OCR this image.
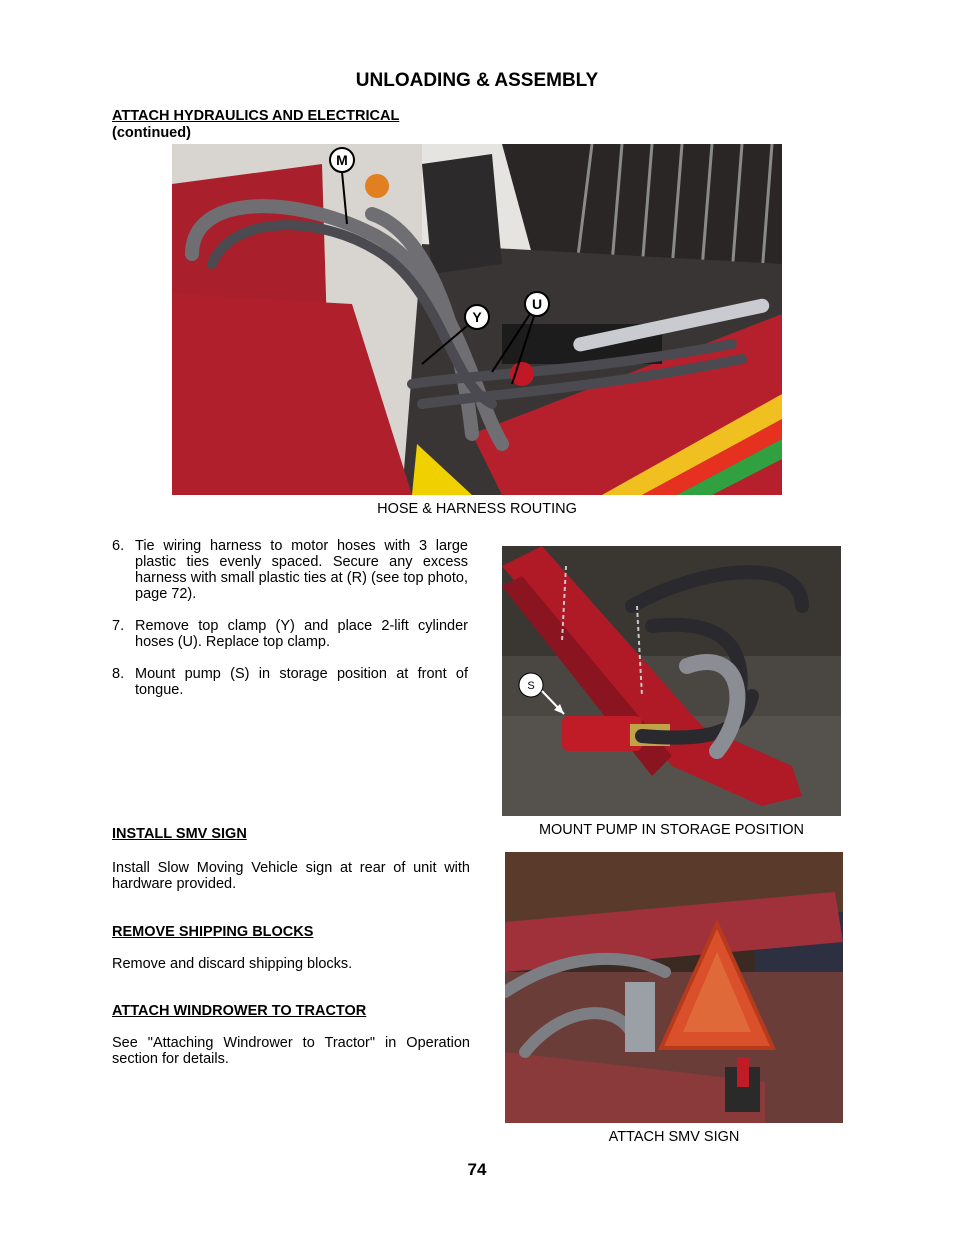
UNLOADING & ASSEMBLY
ATTACH HYDRAULICS AND ELECTRICAL
(continued)
M
Y
U
HOSE & HARNESS ROUTING
6. Tie wiring harness to motor hoses with 3 large plastic ties evenly spaced. Secure any excess harness with small plastic ties at (R) (see top photo, page 72).
7. Remove top clamp (Y) and place 2-lift cylinder hoses (U). Replace top clamp.
8. Mount pump (S) in storage position at front of tongue.	S
MOUNT PUMP IN STORAGE POSITION
INSTALL SMV SIGN
Install Slow Moving Vehicle sign at rear of unit with hardware provided.
REMOVE SHIPPING BLOCKS
Remove and discard shipping blocks.
ATTACH WINDROWER TO TRACTOR
See "Attaching Windrower to Tractor" in Operation section for details.
ATTACH SMV SIGN
74
